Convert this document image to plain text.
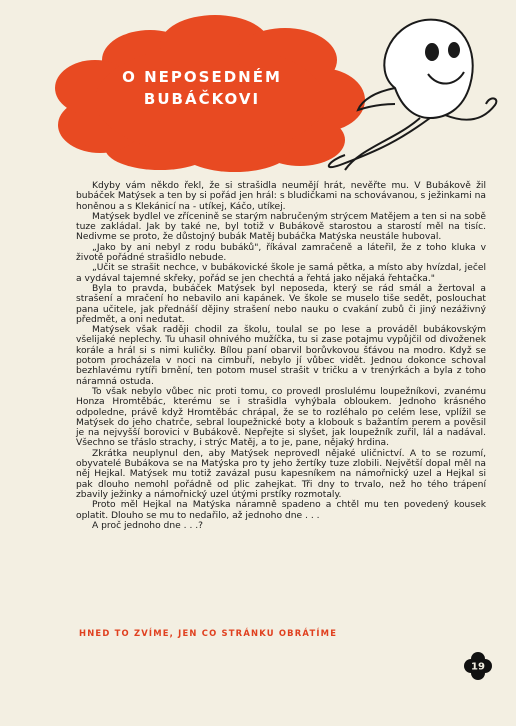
O NEPOSEDNÉM
BUBÁČKOVI

Kdyby vám někdo řekl, že si strašidla neumějí hrát, nevěřte mu. V Bubákově žil bubáček Matýsek a ten by si pořád jen hrál: s bludičkami na schovávanou, s ježinkami na honěnou a s Klekánicí na - utíkej, Káčo, utíkej.

Matýsek bydlel ve zřícenině se starým nabručeným strýcem Matějem a ten si na sobě tuze zakládal. Jak by také ne, byl totiž v Bubákově starostou a starostí měl na tisíc. Nedivme se proto, že důstojný bubák Matěj bubáčka Matýska neustále huboval.

„Jako by ani nebyl z rodu bubáků", říkával zamračeně a láteřil, že z toho kluka v životě pořádné strašidlo nebude.

„Učit se strašit nechce, v bubákovické škole je samá pětka, a místo aby hvízdal, ječel a vydával tajemné skřeky, pořád se jen chechtá a řehtá jako nějaká řehtačka."

Byla to pravda, bubáček Matýsek byl neposeda, který se rád smál a žertoval a strašení a mračení ho nebavilo ani kapánek. Ve škole se muselo tiše sedět, poslouchat pana učitele, jak přednáší dějiny strašení nebo nauku o cvakání zubů či jiný nezáživný předmět, a oni nedutat.

Matýsek však raději chodil za školu, toulal se po lese a prováděl bubákovským všelijaké neplechy. Tu uhasil ohnivého mužíčka, tu si zase potajmu vypůjčil od divoženek korále a hrál si s nimi kuličky. Bílou paní obarvil borůvkovou šťávou na modro. Když se potom procházela v noci na cimbuří, nebylo jí vůbec vidět. Jednou dokonce schoval bezhlavému rytíři brnění, ten potom musel strašit v tričku a v trenýrkách a byla z toho náramná ostuda.

To však nebylo vůbec nic proti tomu, co provedl proslulému loupežníkovi, zvanému Honza Hromtěbác, kterému se i strašidla vyhýbala obloukem. Jednoho krásného odpoledne, právě když Hromtěbác chrápal, že se to rozléhalo po celém lese, vplížil se Matýsek do jeho chatrče, sebral loupežnické boty a klobouk s bažantím perem a pověsil je na nejvyšší borovici v Bubákově. Nepřejte si slyšet, jak loupežník zuřil, lál a nadával. Všechno se třáslo strachy, i strýc Matěj, a to je, pane, nějaký hrdina.

Zkrátka neuplynul den, aby Matýsek neprovedl nějaké uličnictví. A to se rozumí, obyvatelé Bubákova se na Matýska pro ty jeho žertíky tuze zlobili. Největší dopal měl na něj Hejkal. Matýsek mu totiž zavázal pusu kapesníkem na námořnický uzel a Hejkal si pak dlouho nemohl pořádně od plic zahejkat. Tři dny to trvalo, než ho tého trápení zbavily ježinky a námořnický uzel útými prstíky rozmotaly.

Proto měl Hejkal na Matýska náramně spadeno a chtěl mu ten povedený kousek oplatit. Dlouho se mu to nedařilo, až jednoho dne . . .

A proč jednoho dne . . .?

HNED TO ZVÍME, JEN CO STRÁNKU OBRÁTÍME
19
